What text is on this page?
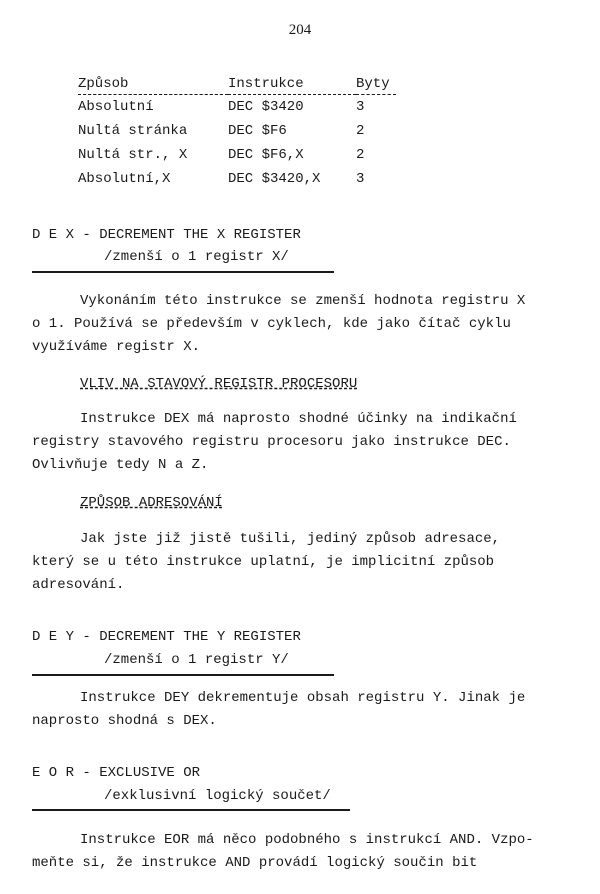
204
Způsob	Instrukce	Byty
Absolutní	DEC $3420	3
Nultá stránka	DEC $F6	2
Nultá str., X	DEC $F6,X	2
Absolutní,X	DEC $3420,X	3
D E X - DECREMENT THE X REGISTER
/zmenší o 1 registr X/
Vykonáním této instrukce se zmenší hodnota registru X
o 1. Používá se především v cyklech, kde jako čítač cyklu
využíváme registr X.
VLIV NA STAVOVÝ REGISTR PROCESORU
Instrukce DEX má naprosto shodné účinky na indikační
registry stavového registru procesoru jako instrukce DEC.
Ovlivňuje tedy N a Z.
ZPŮSOB ADRESOVÁNÍ
Jak jste již jistě tušili, jediný způsob adresace,
který se u této instrukce uplatní, je implicitní způsob
adresování.
D E Y - DECREMENT THE Y REGISTER
/zmenší o 1 registr Y/
Instrukce DEY dekrementuje obsah registru Y. Jinak je
naprosto shodná s DEX.
E O R - EXCLUSIVE OR
/exklusivní logický součet/
Instrukce EOR má něco podobného s instrukcí AND. Vzpo-
meňte si, že instrukce AND provádí logický součin bit
